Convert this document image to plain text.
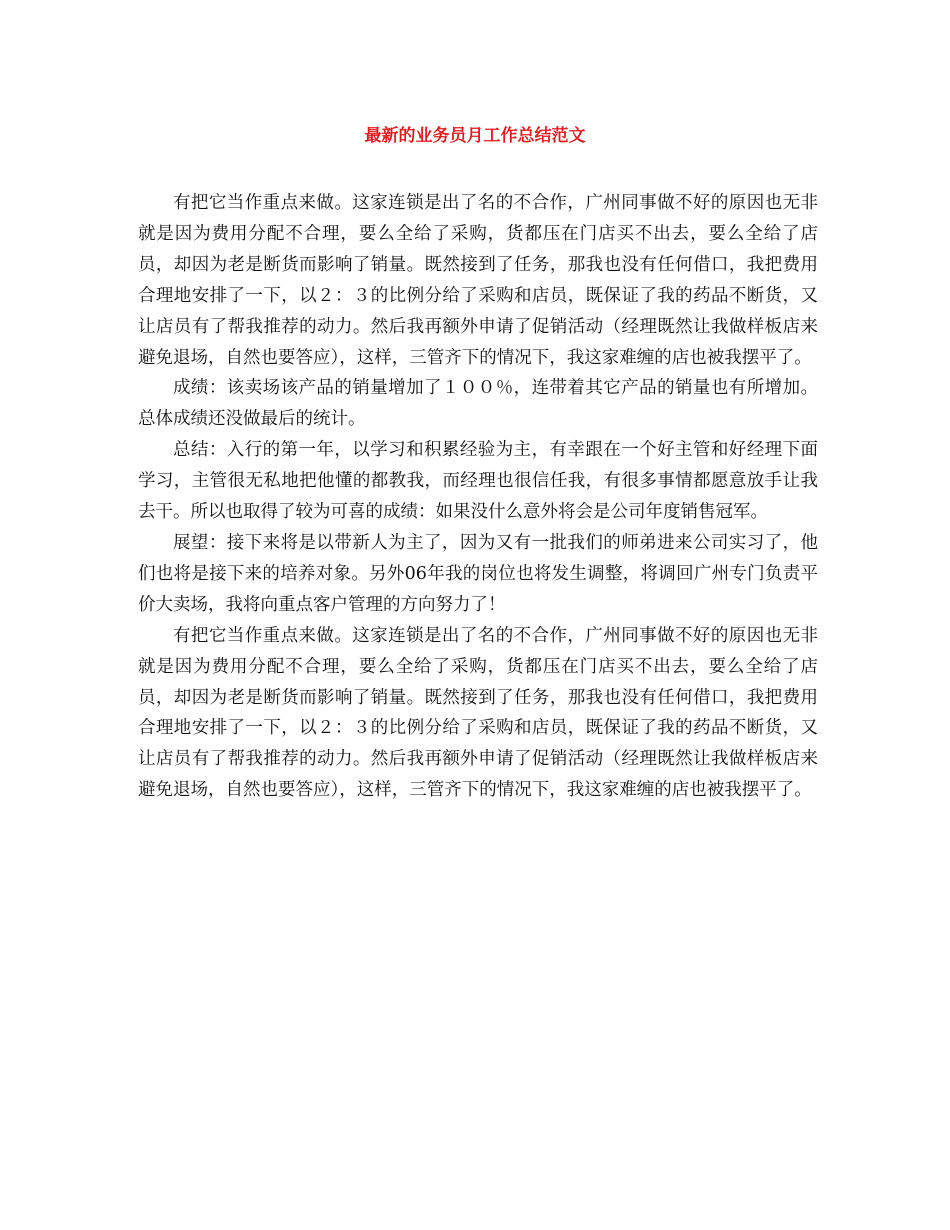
最新的业务员月工作总结范文

有把它当作重点来做。这家连锁是出了名的不合作，广州同事做不好的原因也无非就是因为费用分配不合理，要么全给了采购，货都压在门店买不出去，要么全给了店员，却因为老是断货而影响了销量。既然接到了任务，那我也没有任何借口，我把费用合理地安排了一下，以２：３的比例分给了采购和店员，既保证了我的药品不断货，又让店员有了帮我推荐的动力。然后我再额外申请了促销活动（经理既然让我做样板店来避免退场，自然也要答应），这样，三管齐下的情况下，我这家难缠的店也被我摆平了。

成绩：该卖场该产品的销量增加了１００％，连带着其它产品的销量也有所增加。总体成绩还没做最后的统计。

总结：入行的第一年，以学习和积累经验为主，有幸跟在一个好主管和好经理下面学习，主管很无私地把他懂的都教我，而经理也很信任我，有很多事情都愿意放手让我去干。所以也取得了较为可喜的成绩：如果没什么意外将会是公司年度销售冠军。

展望：接下来将是以带新人为主了，因为又有一批我们的师弟进来公司实习了，他们也将是接下来的培养对象。另外06年我的岗位也将发生调整，将调回广州专门负责平价大卖场，我将向重点客户管理的方向努力了！

有把它当作重点来做。这家连锁是出了名的不合作，广州同事做不好的原因也无非就是因为费用分配不合理，要么全给了采购，货都压在门店买不出去，要么全给了店员，却因为老是断货而影响了销量。既然接到了任务，那我也没有任何借口，我把费用合理地安排了一下，以２：３的比例分给了采购和店员，既保证了我的药品不断货，又让店员有了帮我推荐的动力。然后我再额外申请了促销活动（经理既然让我做样板店来避免退场，自然也要答应），这样，三管齐下的情况下，我这家难缠的店也被我摆平了。
